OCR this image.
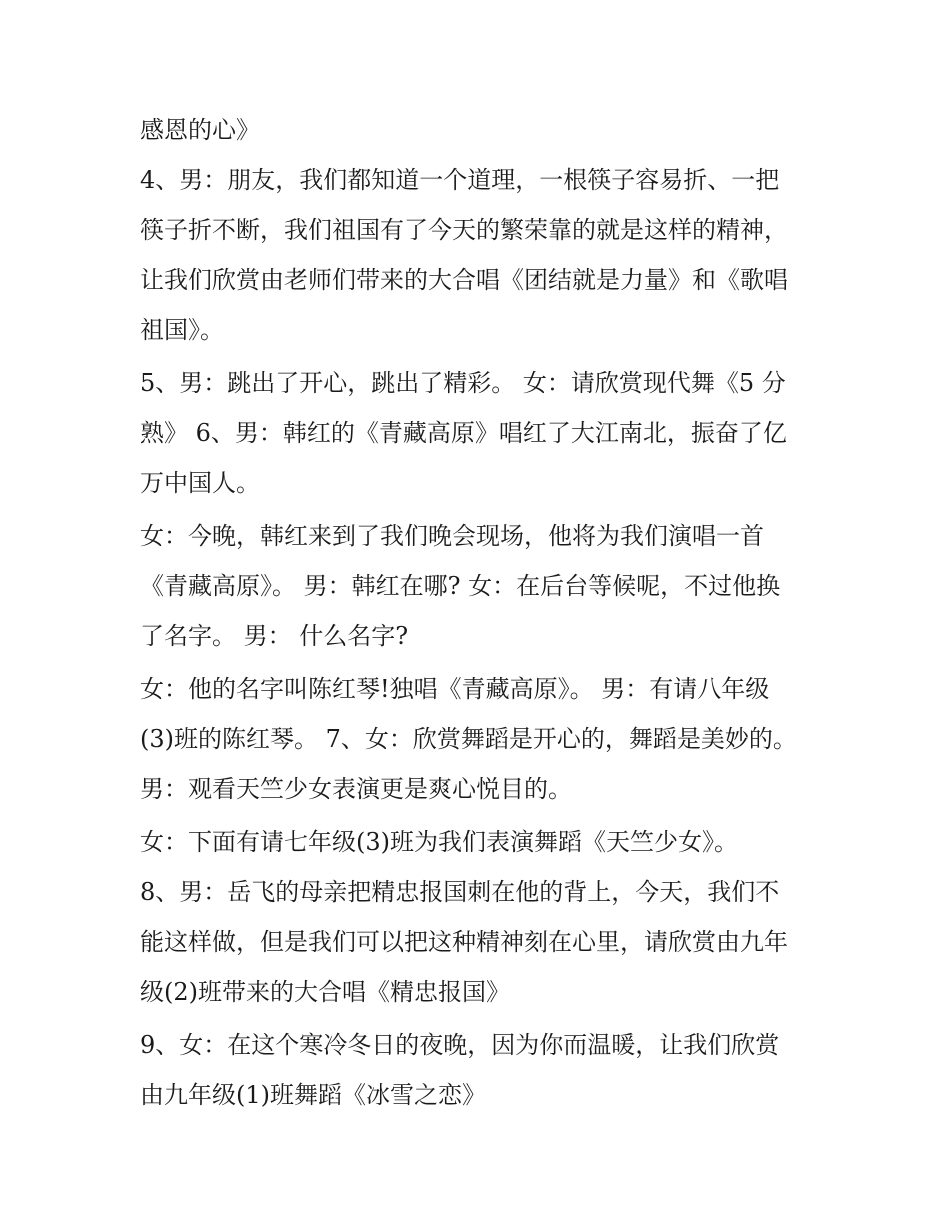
感恩的心》
4、男：朋友，我们都知道一个道理，一根筷子容易折、一把
筷子折不断，我们祖国有了今天的繁荣靠的就是这样的精神，
让我们欣赏由老师们带来的大合唱《团结就是力量》和《歌唱
祖国》。
5、男：跳出了开心，跳出了精彩。 女：请欣赏现代舞《5 分
熟》 6、男：韩红的《青藏高原》唱红了大江南北，振奋了亿
万中国人。
女：今晚，韩红来到了我们晚会现场，他将为我们演唱一首
《青藏高原》。 男：韩红在哪? 女：在后台等候呢，不过他换
了名字。 男： 什么名字?
女：他的名字叫陈红琴!独唱《青藏高原》。 男：有请八年级
(3)班的陈红琴。 7、女：欣赏舞蹈是开心的，舞蹈是美妙的。
男：观看天竺少女表演更是爽心悦目的。
女：下面有请七年级(3)班为我们表演舞蹈《天竺少女》。
8、男：岳飞的母亲把精忠报国刺在他的背上，今天，我们不
能这样做，但是我们可以把这种精神刻在心里，请欣赏由九年
级(2)班带来的大合唱《精忠报国》
9、女：在这个寒冷冬日的夜晚，因为你而温暖，让我们欣赏
由九年级(1)班舞蹈《冰雪之恋》
